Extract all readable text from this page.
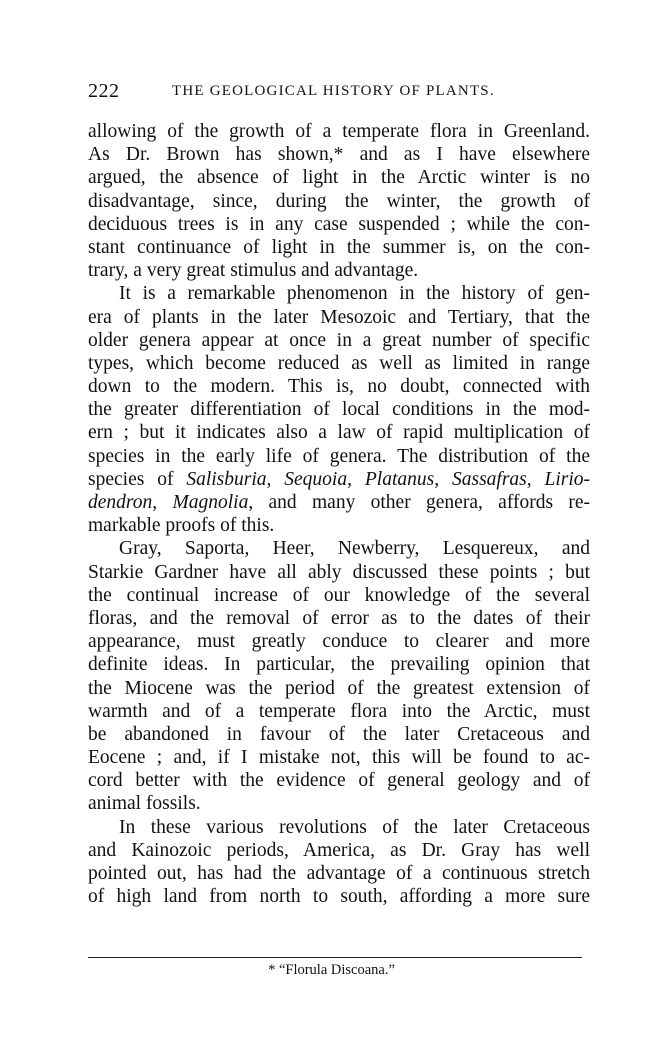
222	THE GEOLOGICAL HISTORY OF PLANTS.
allowing of the growth of a temperate flora in Greenland.
As Dr. Brown has shown,* and as I have elsewhere
argued, the absence of light in the Arctic winter is no
disadvantage, since, during the winter, the growth of
deciduous trees is in any case suspended ; while the con-
stant continuance of light in the summer is, on the con-
trary, a very great stimulus and advantage.
It is a remarkable phenomenon in the history of gen-
era of plants in the later Mesozoic and Tertiary, that the
older genera appear at once in a great number of specific
types, which become reduced as well as limited in range
down to the modern. This is, no doubt, connected with
the greater differentiation of local conditions in the mod-
ern ; but it indicates also a law of rapid multiplication of
species in the early life of genera. The distribution of the
species of Salisburia, Sequoia, Platanus, Sassafras, Lirio-
dendron, Magnolia, and many other genera, affords re-
markable proofs of this.
Gray, Saporta, Heer, Newberry, Lesquereux, and
Starkie Gardner have all ably discussed these points ; but
the continual increase of our knowledge of the several
floras, and the removal of error as to the dates of their
appearance, must greatly conduce to clearer and more
definite ideas. In particular, the prevailing opinion that
the Miocene was the period of the greatest extension of
warmth and of a temperate flora into the Arctic, must
be abandoned in favour of the later Cretaceous and
Eocene ; and, if I mistake not, this will be found to ac-
cord better with the evidence of general geology and of
animal fossils.
In these various revolutions of the later Cretaceous
and Kainozoic periods, America, as Dr. Gray has well
pointed out, has had the advantage of a continuous stretch
of high land from north to south, affording a more sure
* “Florula Discoana.”
